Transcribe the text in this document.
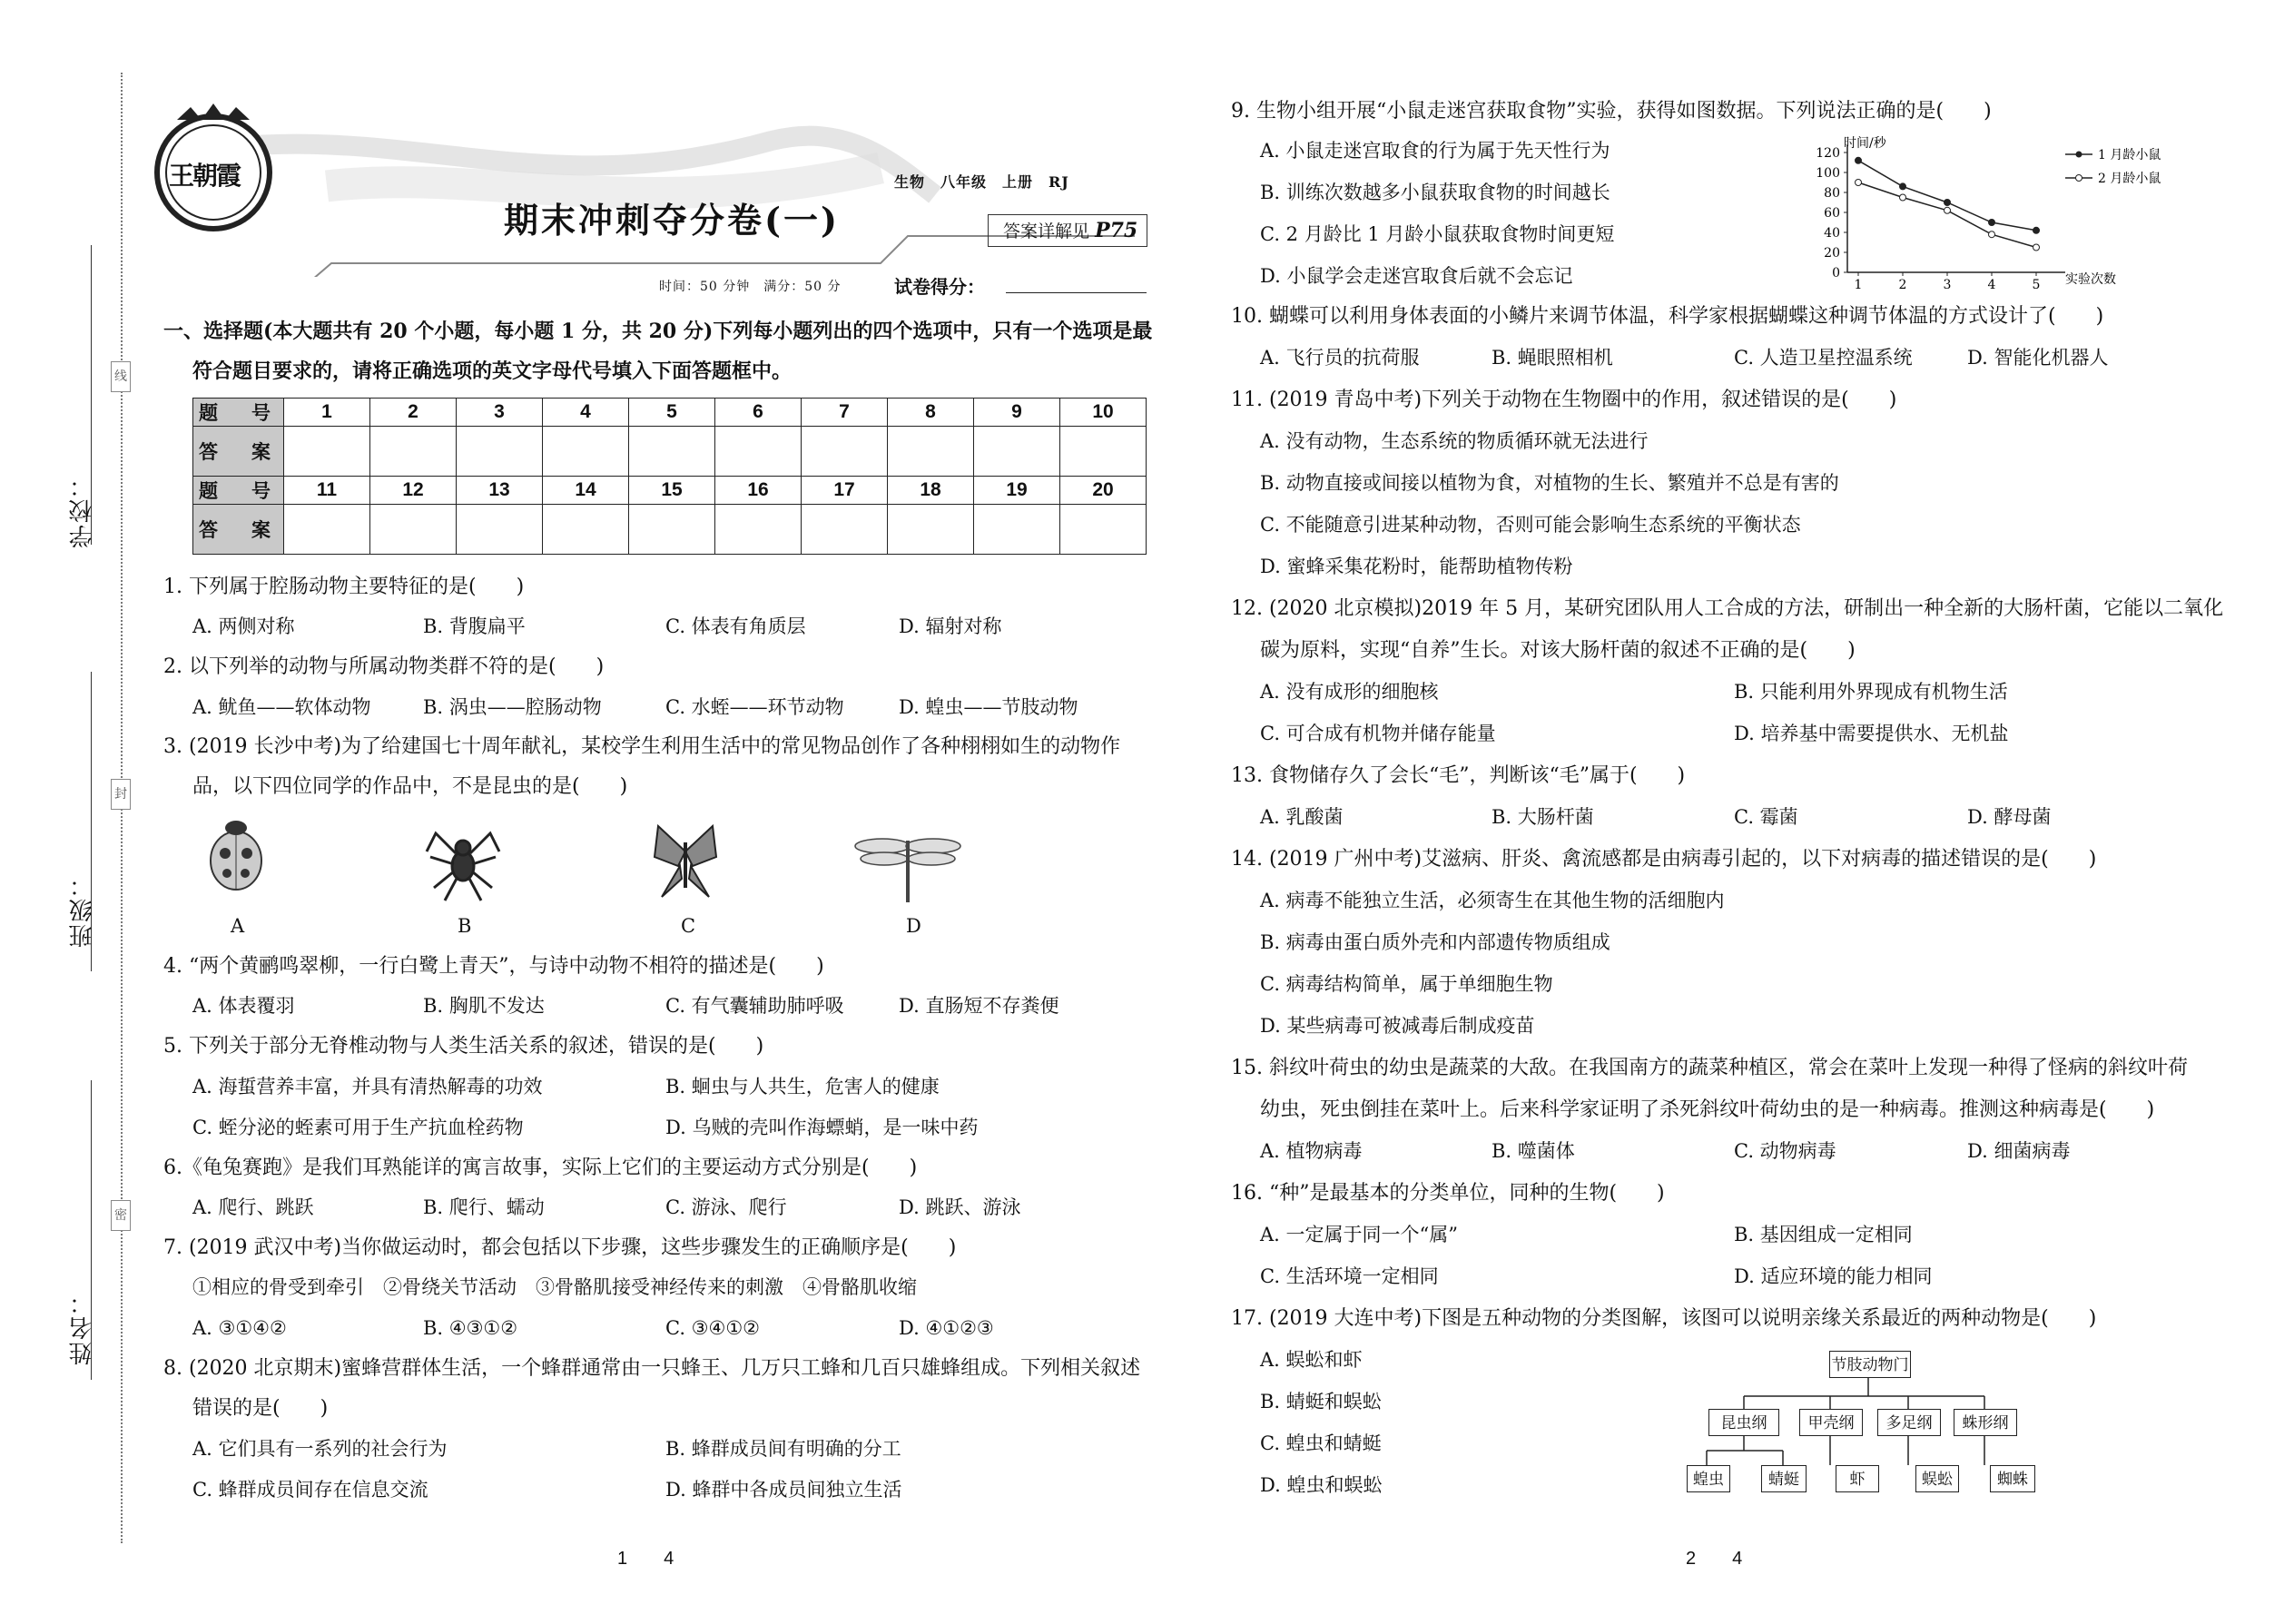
学校：
班级：
姓名：
线
封
密
王朝霞	生物　八年级　上册　RJ
期末冲刺夺分卷(一)	答案详解见 P75
时间：50 分钟　满分：50 分	试卷得分：
一、选择题(本大题共有 20 个小题，每小题 1 分，共 20 分)下列每小题列出的四个选项中，只有一个选项是最
符合题目要求的，请将正确选项的英文字母代号填入下面答题框中。
题　号	1	2	3	4	5	6	7	8	9	10
答　案										
题　号	11	12	13	14	15	16	17	18	19	20
答　案										
1. 下列属于腔肠动物主要特征的是(　　)
A. 两侧对称	B. 背腹扁平	C. 体表有角质层	D. 辐射对称
2. 以下列举的动物与所属动物类群不符的是(　　)
A. 鱿鱼——软体动物	B. 涡虫——腔肠动物	C. 水蛭——环节动物	D. 蝗虫——节肢动物
3. (2019 长沙中考)为了给建国七十周年献礼，某校学生利用生活中的常见物品创作了各种栩栩如生的动物作
品，以下四位同学的作品中，不是昆虫的是(　　)
A	B	C	D
4. “两个黄鹂鸣翠柳，一行白鹭上青天”，与诗中动物不相符的描述是(　　)
A. 体表覆羽	B. 胸肌不发达	C. 有气囊辅助肺呼吸	D. 直肠短不存粪便
5. 下列关于部分无脊椎动物与人类生活关系的叙述，错误的是(　　)
A. 海蜇营养丰富，并具有清热解毒的功效	B. 蛔虫与人共生，危害人的健康
C. 蛭分泌的蛭素可用于生产抗血栓药物	D. 乌贼的壳叫作海螵蛸，是一味中药
6.《龟兔赛跑》是我们耳熟能详的寓言故事，实际上它们的主要运动方式分别是(　　)
A. 爬行、跳跃	B. 爬行、蠕动	C. 游泳、爬行	D. 跳跃、游泳
7. (2019 武汉中考)当你做运动时，都会包括以下步骤，这些步骤发生的正确顺序是(　　)
①相应的骨受到牵引　②骨绕关节活动　③骨骼肌接受神经传来的刺激　④骨骼肌收缩
A. ③①④②	B. ④③①②	C. ③④①②	D. ④①②③
8. (2020 北京期末)蜜蜂营群体生活，一个蜂群通常由一只蜂王、几万只工蜂和几百只雄蜂组成。下列相关叙述
错误的是(　　)
A. 它们具有一系列的社会行为	B. 蜂群成员间有明确的分工
C. 蜂群成员间存在信息交流	D. 蜂群中各成员间独立生活
1　　4
9. 生物小组开展“小鼠走迷宫获取食物”实验，获得如图数据。下列说法正确的是(　　)
A. 小鼠走迷宫取食的行为属于先天性行为
B. 训练次数越多小鼠获取食物的时间越长
C. 2 月龄比 1 月龄小鼠获取食物时间更短
D. 小鼠学会走迷宫取食后就不会忘记
时间/秒
实验次数
0
20
40
60
80
100
120
1	2	3	4	5
1 月龄小鼠
2 月龄小鼠
10. 蝴蝶可以利用身体表面的小鳞片来调节体温，科学家根据蝴蝶这种调节体温的方式设计了(　　)
A. 飞行员的抗荷服	B. 蝇眼照相机	C. 人造卫星控温系统	D. 智能化机器人
11. (2019 青岛中考)下列关于动物在生物圈中的作用，叙述错误的是(　　)
A. 没有动物，生态系统的物质循环就无法进行
B. 动物直接或间接以植物为食，对植物的生长、繁殖并不总是有害的
C. 不能随意引进某种动物，否则可能会影响生态系统的平衡状态
D. 蜜蜂采集花粉时，能帮助植物传粉
12. (2020 北京模拟)2019 年 5 月，某研究团队用人工合成的方法，研制出一种全新的大肠杆菌，它能以二氧化
碳为原料，实现“自养”生长。对该大肠杆菌的叙述不正确的是(　　)
A. 没有成形的细胞核	B. 只能利用外界现成有机物生活
C. 可合成有机物并储存能量	D. 培养基中需要提供水、无机盐
13. 食物储存久了会长“毛”，判断该“毛”属于(　　)
A. 乳酸菌	B. 大肠杆菌	C. 霉菌	D. 酵母菌
14. (2019 广州中考)艾滋病、肝炎、禽流感都是由病毒引起的，以下对病毒的描述错误的是(　　)
A. 病毒不能独立生活，必须寄生在其他生物的活细胞内
B. 病毒由蛋白质外壳和内部遗传物质组成
C. 病毒结构简单，属于单细胞生物
D. 某些病毒可被减毒后制成疫苗
15. 斜纹叶荷虫的幼虫是蔬菜的大敌。在我国南方的蔬菜种植区，常会在菜叶上发现一种得了怪病的斜纹叶荷
幼虫，死虫倒挂在菜叶上。后来科学家证明了杀死斜纹叶荷幼虫的是一种病毒。推测这种病毒是(　　)
A. 植物病毒	B. 噬菌体	C. 动物病毒	D. 细菌病毒
16. “种”是最基本的分类单位，同种的生物(　　)
A. 一定属于同一个“属”	B. 基因组成一定相同
C. 生活环境一定相同	D. 适应环境的能力相同
17. (2019 大连中考)下图是五种动物的分类图解，该图可以说明亲缘关系最近的两种动物是(　　)
A. 蜈蚣和虾
B. 蜻蜓和蜈蚣
C. 蝗虫和蜻蜓
D. 蝗虫和蜈蚣
节肢动物门
昆虫纲	甲壳纲	多足纲	蛛形纲
蝗虫	蜻蜓	虾	蜈蚣	蜘蛛
2　　4
